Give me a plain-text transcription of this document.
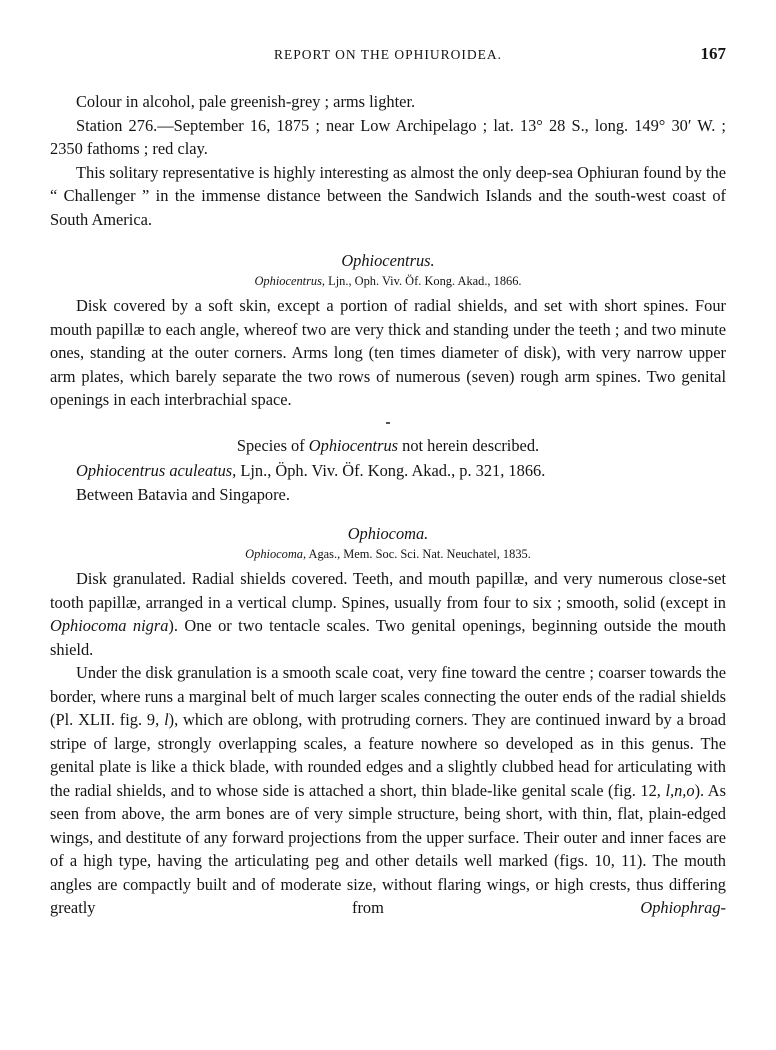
REPORT ON THE OPHIUROIDEA.	167

Colour in alcohol, pale greenish-grey ; arms lighter.

Station 276.—September 16, 1875 ; near Low Archipelago ; lat. 13° 28 S., long. 149° 30′ W. ; 2350 fathoms ; red clay.

This solitary representative is highly interesting as almost the only deep-sea Ophiuran found by the “ Challenger ” in the immense distance between the Sandwich Islands and the south-west coast of South America.

Ophiocentrus.
Ophiocentrus, Ljn., Oph. Viv. Öf. Kong. Akad., 1866.

Disk covered by a soft skin, except a portion of radial shields, and set with short spines. Four mouth papillæ to each angle, whereof two are very thick and standing under the teeth ; and two minute ones, standing at the outer corners. Arms long (ten times diameter of disk), with very narrow upper arm plates, which barely separate the two rows of numerous (seven) rough arm spines. Two genital openings in each interbrachial space.

Species of Ophiocentrus not herein described.

Ophiocentrus aculeatus, Ljn., Öph. Viv. Öf. Kong. Akad., p. 321, 1866.

Between Batavia and Singapore.

Ophiocoma.
Ophiocoma, Agas., Mem. Soc. Sci. Nat. Neuchatel, 1835.

Disk granulated. Radial shields covered. Teeth, and mouth papillæ, and very numerous close-set tooth papillæ, arranged in a vertical clump. Spines, usually from four to six ; smooth, solid (except in Ophiocoma nigra). One or two tentacle scales. Two genital openings, beginning outside the mouth shield.

Under the disk granulation is a smooth scale coat, very fine toward the centre ; coarser towards the border, where runs a marginal belt of much larger scales connecting the outer ends of the radial shields (Pl. XLII. fig. 9, l), which are oblong, with protruding corners. They are continued inward by a broad stripe of large, strongly overlapping scales, a feature nowhere so developed as in this genus. The genital plate is like a thick blade, with rounded edges and a slightly clubbed head for articulating with the radial shields, and to whose side is attached a short, thin blade-like genital scale (fig. 12, l,n,o). As seen from above, the arm bones are of very simple structure, being short, with thin, flat, plain-edged wings, and destitute of any forward projections from the upper surface. Their outer and inner faces are of a high type, having the articulating peg and other details well marked (figs. 10, 11). The mouth angles are compactly built and of moderate size, without flaring wings, or high crests, thus differing greatly from Ophiophrag-
